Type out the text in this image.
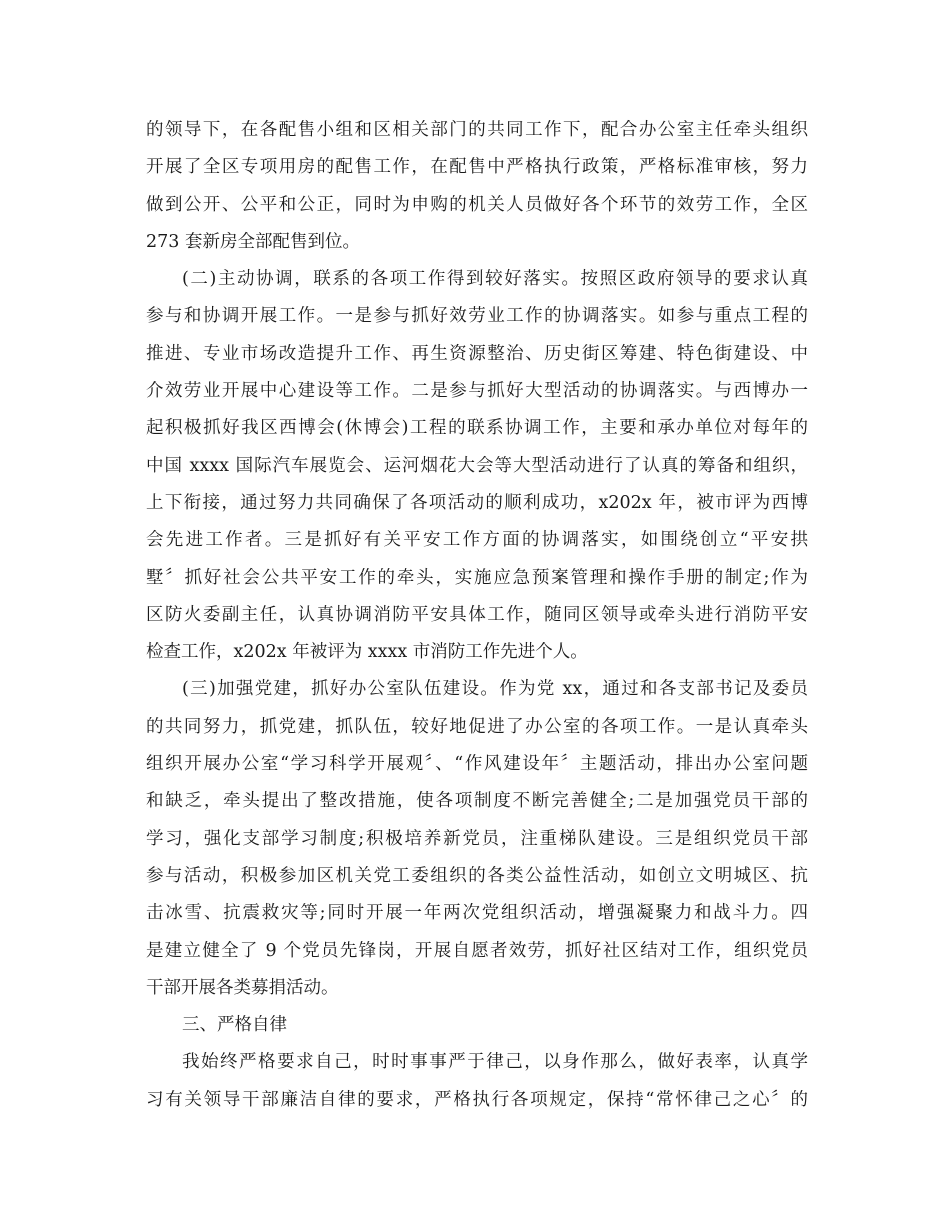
的领导下，在各配售小组和区相关部门的共同工作下，配合办公室主任牵头组织
开展了全区专项用房的配售工作，在配售中严格执行政策，严格标准审核，努力
做到公开、公平和公正，同时为申购的机关人员做好各个环节的效劳工作，全区
273 套新房全部配售到位。
(二)主动协调，联系的各项工作得到较好落实。按照区政府领导的要求认真
参与和协调开展工作。一是参与抓好效劳业工作的协调落实。如参与重点工程的
推进、专业市场改造提升工作、再生资源整治、历史街区筹建、特色街建设、中
介效劳业开展中心建设等工作。二是参与抓好大型活动的协调落实。与西博办一
起积极抓好我区西博会(休博会)工程的联系协调工作，主要和承办单位对每年的
中国 xxxx 国际汽车展览会、运河烟花大会等大型活动进行了认真的筹备和组织，
上下衔接，通过努力共同确保了各项活动的顺利成功，x202x 年，被市评为西博
会先进工作者。三是抓好有关平安工作方面的协调落实，如围绕创立“平安拱
墅〞抓好社会公共平安工作的牵头，实施应急预案管理和操作手册的制定;作为
区防火委副主任，认真协调消防平安具体工作，随同区领导或牵头进行消防平安
检查工作，x202x 年被评为 xxxx 市消防工作先进个人。
(三)加强党建，抓好办公室队伍建设。作为党 xx，通过和各支部书记及委员
的共同努力，抓党建，抓队伍，较好地促进了办公室的各项工作。一是认真牵头
组织开展办公室“学习科学开展观〞、“作风建设年〞主题活动，排出办公室问题
和缺乏，牵头提出了整改措施，使各项制度不断完善健全;二是加强党员干部的
学习，强化支部学习制度;积极培养新党员，注重梯队建设。三是组织党员干部
参与活动，积极参加区机关党工委组织的各类公益性活动，如创立文明城区、抗
击冰雪、抗震救灾等;同时开展一年两次党组织活动，增强凝聚力和战斗力。四
是建立健全了 9 个党员先锋岗，开展自愿者效劳，抓好社区结对工作，组织党员
干部开展各类募捐活动。
三、严格自律
我始终严格要求自己，时时事事严于律己，以身作那么，做好表率，认真学
习有关领导干部廉洁自律的要求，严格执行各项规定，保持“常怀律己之心〞的
